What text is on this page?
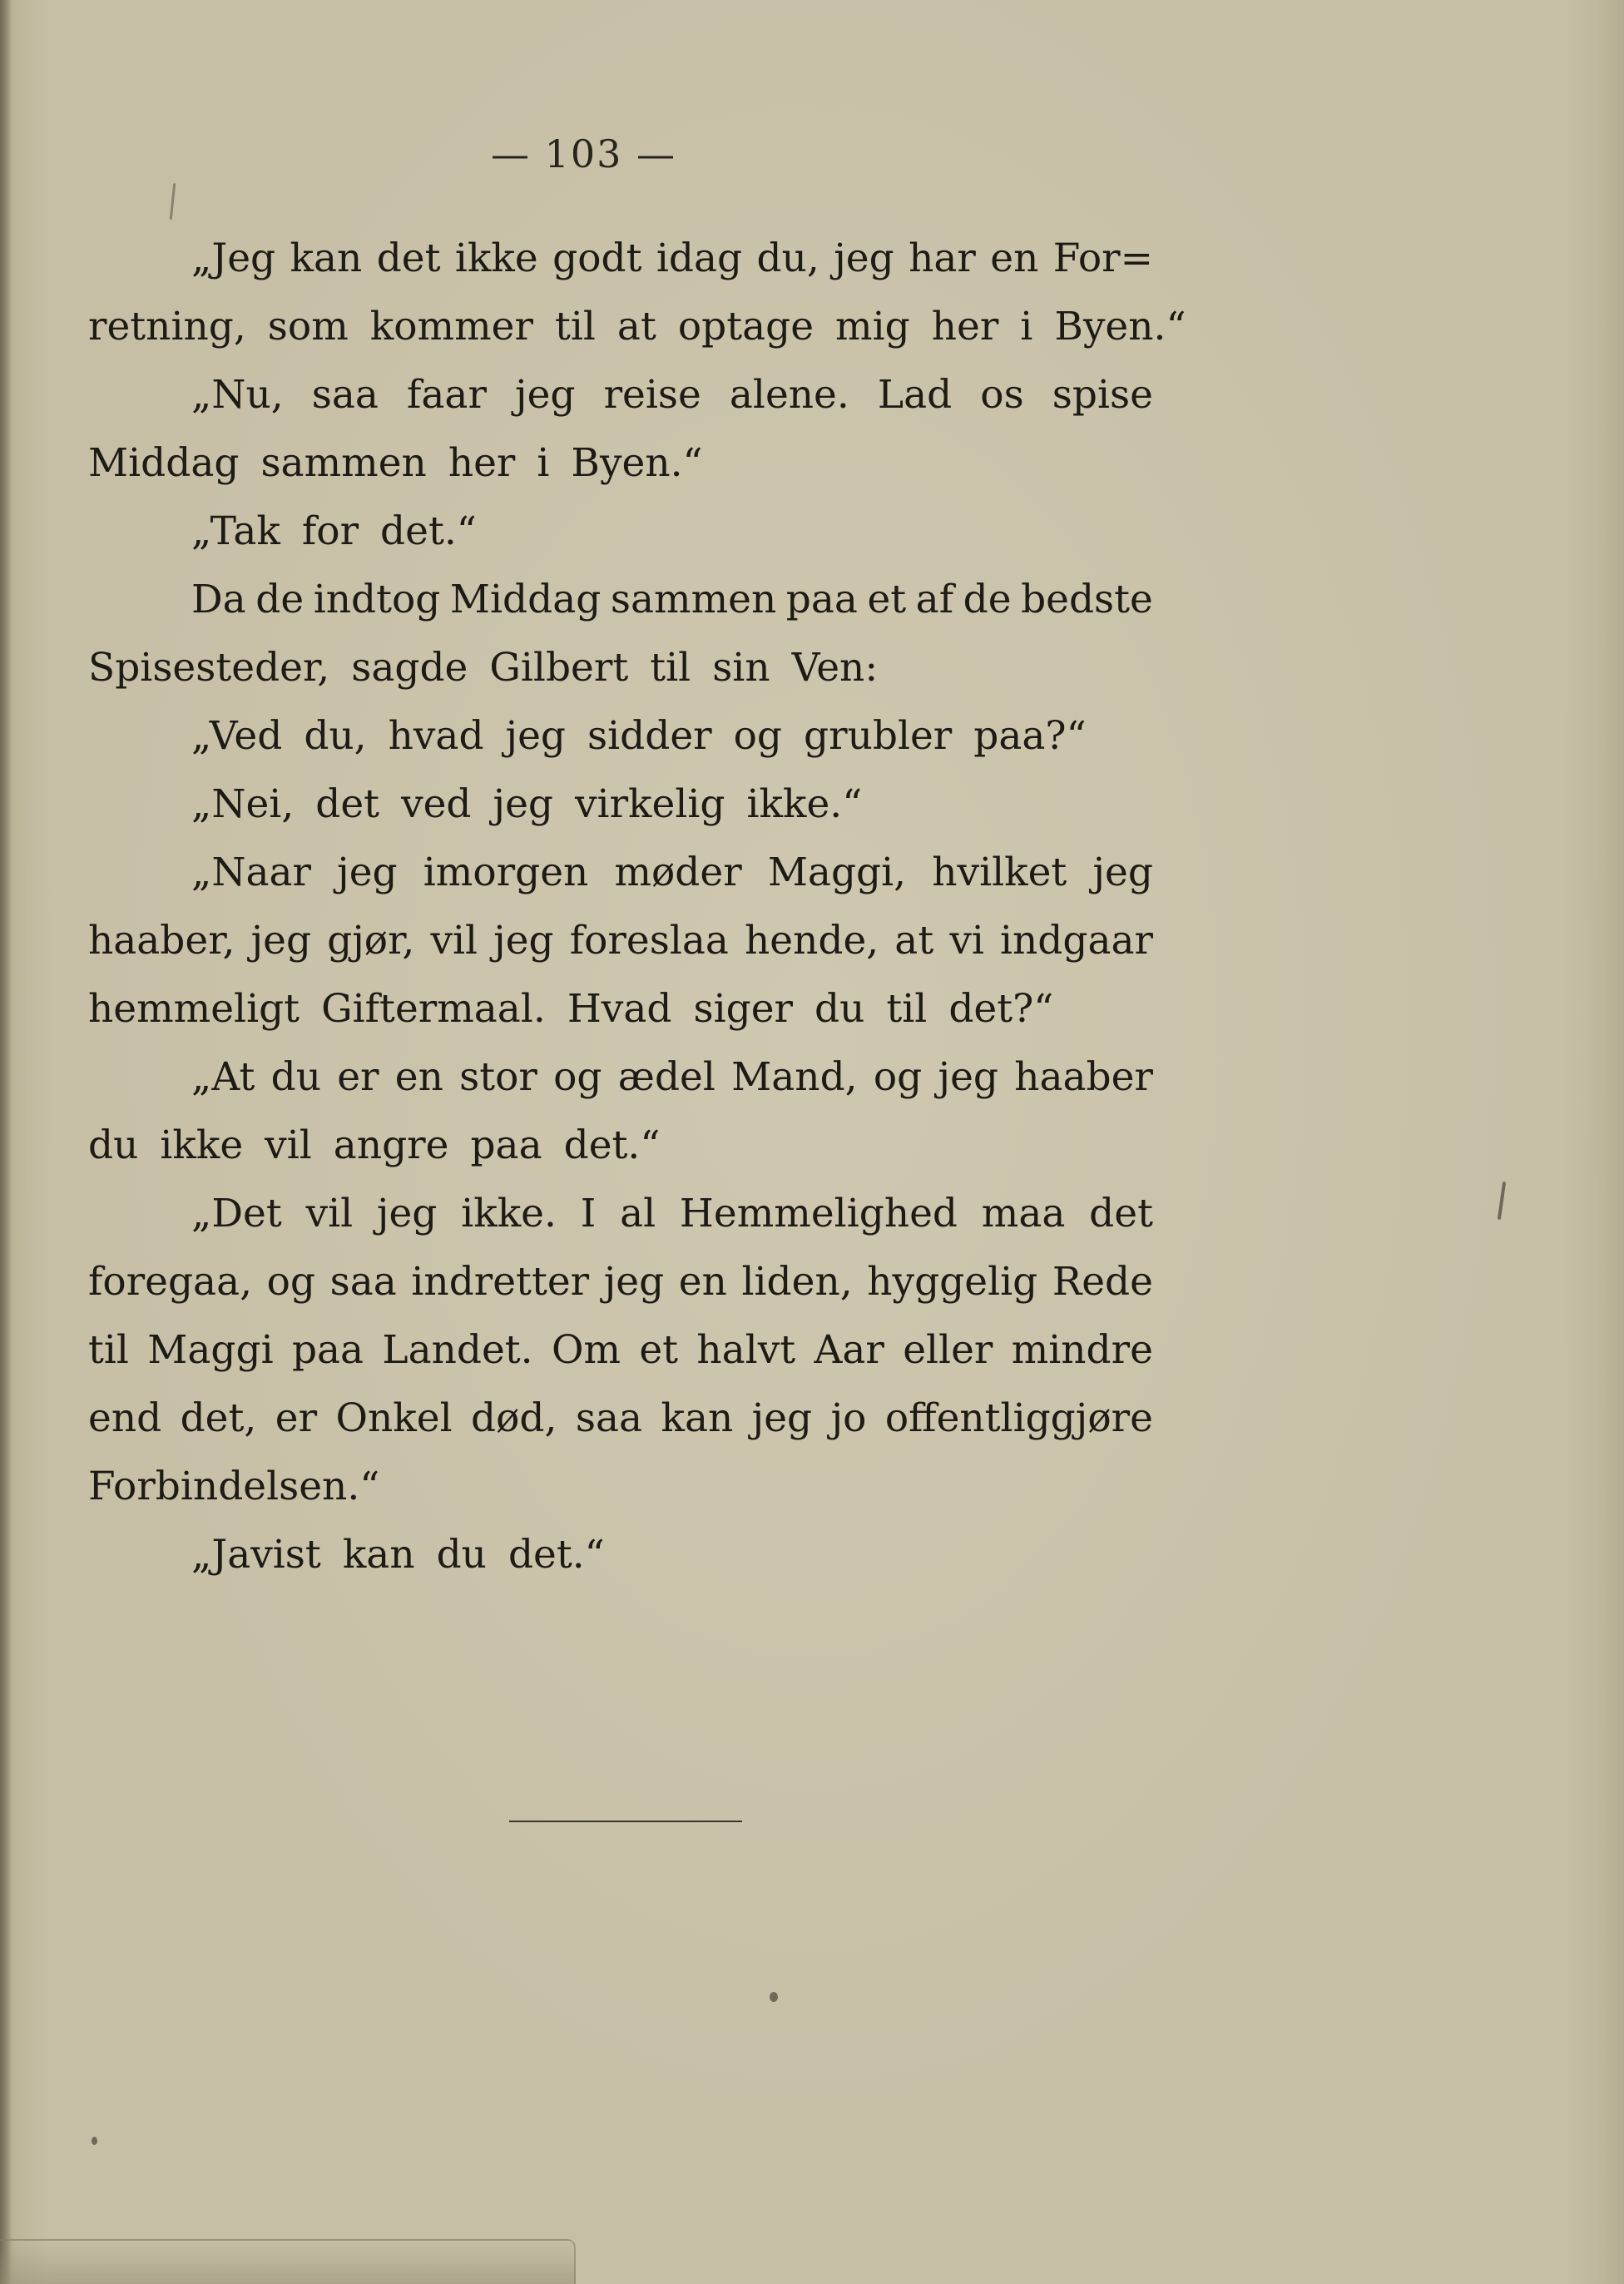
— 103 —
„Jeg kan det ikke godt idag du, jeg har en For=
retning, som kommer til at optage mig her i Byen.“
„Nu, saa faar jeg reise alene. Lad os spise
Middag sammen her i Byen.“
„Tak for det.“
Da de indtog Middag sammen paa et af de bedste
Spisesteder, sagde Gilbert til sin Ven:
„Ved du, hvad jeg sidder og grubler paa?“
„Nei, det ved jeg virkelig ikke.“
„Naar jeg imorgen møder Maggi, hvilket jeg
haaber, jeg gjør, vil jeg foreslaa hende, at vi indgaar
hemmeligt Giftermaal. Hvad siger du til det?“
„At du er en stor og ædel Mand, og jeg haaber
du ikke vil angre paa det.“
„Det vil jeg ikke. I al Hemmelighed maa det
foregaa, og saa indretter jeg en liden, hyggelig Rede
til Maggi paa Landet. Om et halvt Aar eller mindre
end det, er Onkel død, saa kan jeg jo offentliggjøre
Forbindelsen.“
„Javist kan du det.“
